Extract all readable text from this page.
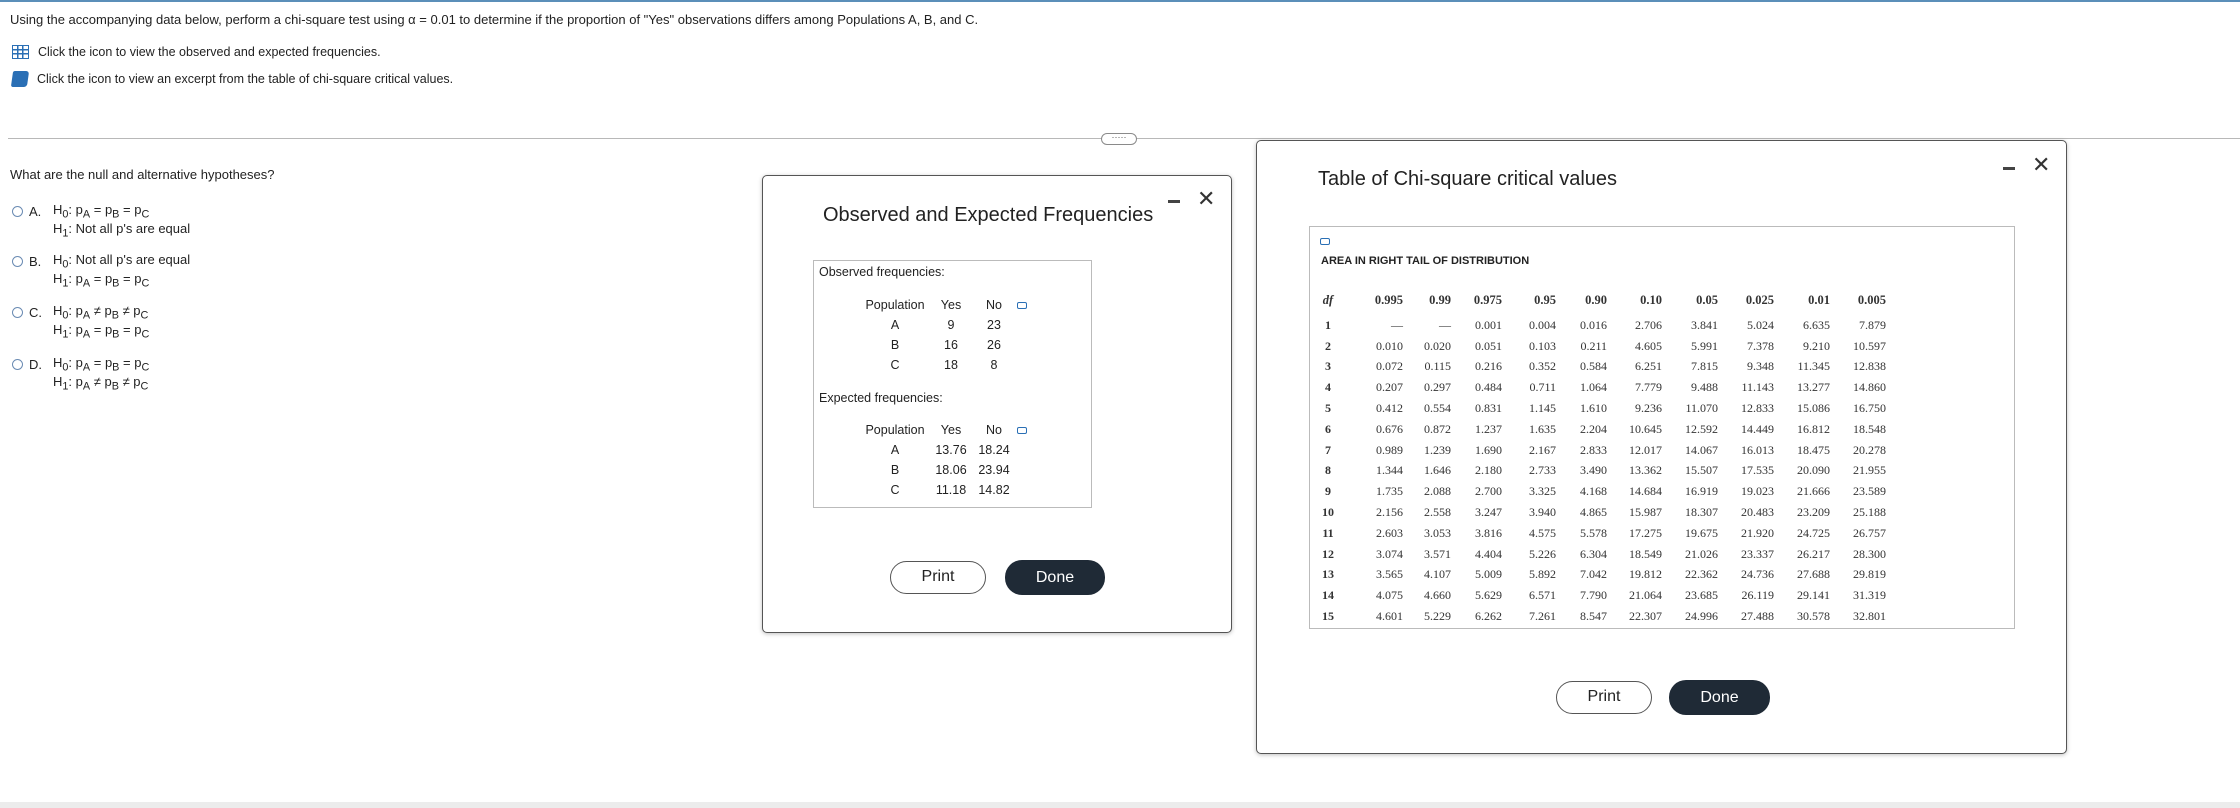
Using the accompanying data below, perform a chi-square test using α = 0.01 to determine if the proportion of "Yes" observations differs among Populations A, B, and C.
Click the icon to view the observed and expected frequencies.
Click the icon to view an excerpt from the table of chi-square critical values.
·····
What are the null and alternative hypotheses?
A. $H_0$: $p_A = p_B = p_C$
$H_1$: Not all p's are equal
B. $H_0$: Not all p's are equal
$H_1$: $p_A = p_B = p_C$
C. $H_0$: $p_A \ne p_B \ne p_C$
$H_1$: $p_A = p_B = p_C$
D. $H_0$: $p_A = p_B = p_C$
$H_1$: $p_A \ne p_B \ne p_C$
Observed and Expected Frequencies
✕
Observed frequencies:
Population	Yes	No	
A	9	23	
B	16	26	
C	18	8	
Expected frequencies:
Population	Yes	No	
A	13.76	18.24	
B	18.06	23.94	
C	11.18	14.82	
Print	Done
Table of Chi-square critical values
✕
AREA IN RIGHT TAIL OF DISTRIBUTION
df	0.995	0.99	0.975	0.95	0.90	0.10	0.05	0.025	0.01	0.005
1	—	—	0.001	0.004	0.016	2.706	3.841	5.024	6.635	7.879
2	0.010	0.020	0.051	0.103	0.211	4.605	5.991	7.378	9.210	10.597
3	0.072	0.115	0.216	0.352	0.584	6.251	7.815	9.348	11.345	12.838
4	0.207	0.297	0.484	0.711	1.064	7.779	9.488	11.143	13.277	14.860
5	0.412	0.554	0.831	1.145	1.610	9.236	11.070	12.833	15.086	16.750
6	0.676	0.872	1.237	1.635	2.204	10.645	12.592	14.449	16.812	18.548
7	0.989	1.239	1.690	2.167	2.833	12.017	14.067	16.013	18.475	20.278
8	1.344	1.646	2.180	2.733	3.490	13.362	15.507	17.535	20.090	21.955
9	1.735	2.088	2.700	3.325	4.168	14.684	16.919	19.023	21.666	23.589
10	2.156	2.558	3.247	3.940	4.865	15.987	18.307	20.483	23.209	25.188
11	2.603	3.053	3.816	4.575	5.578	17.275	19.675	21.920	24.725	26.757
12	3.074	3.571	4.404	5.226	6.304	18.549	21.026	23.337	26.217	28.300
13	3.565	4.107	5.009	5.892	7.042	19.812	22.362	24.736	27.688	29.819
14	4.075	4.660	5.629	6.571	7.790	21.064	23.685	26.119	29.141	31.319
15	4.601	5.229	6.262	7.261	8.547	22.307	24.996	27.488	30.578	32.801
Print	Done
